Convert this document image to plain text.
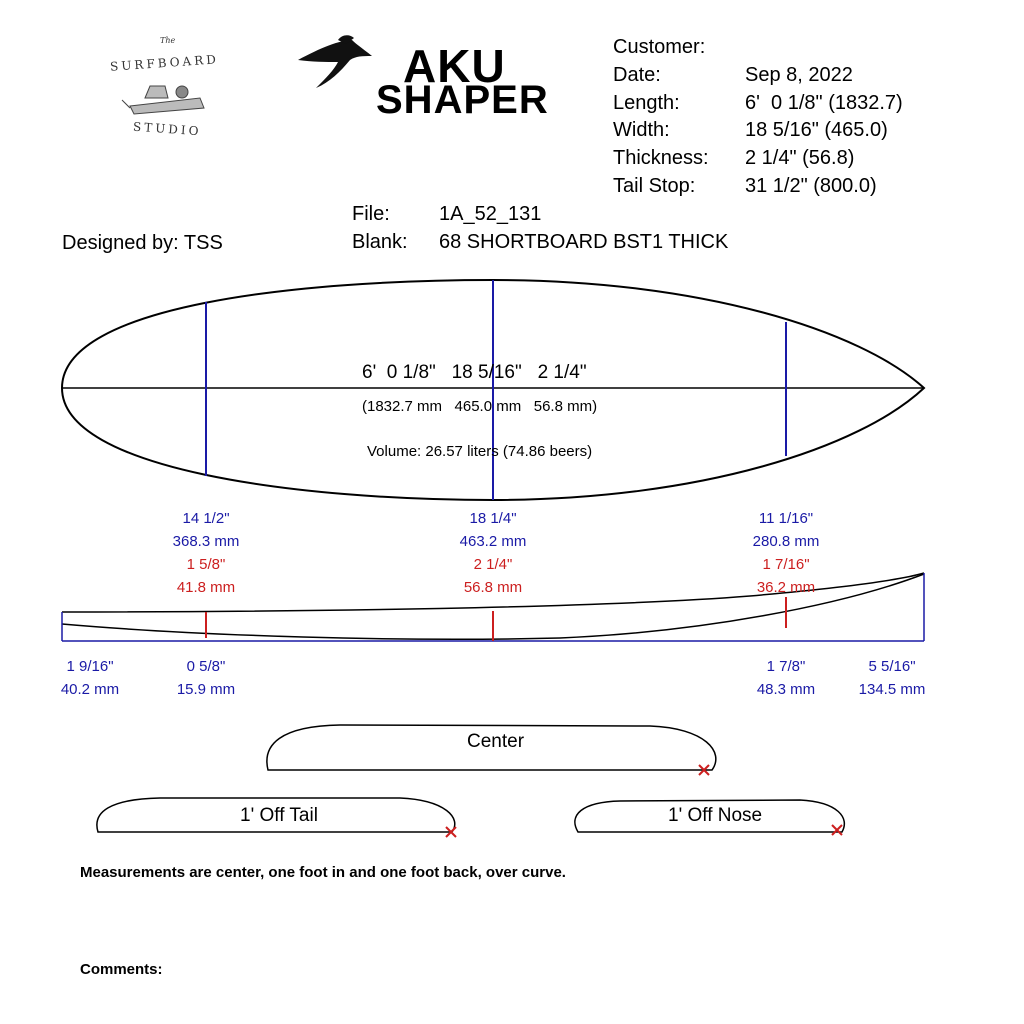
The
SURFBOARD
STUDIO
AKU
SHAPER
Customer:
Date:	Sep 8, 2022
Length:	6'  0 1/8" (1832.7)
Width:	18 5/16" (465.0)
Thickness: 2 1/4" (56.8)
Tail Stop: 31 1/2" (800.0)
File: 1A_52_131
Blank: 68 SHORTBOARD BST1 THICK
Designed by: TSS
6'  0 1/8"   18 5/16"   2 1/4"
(1832.7 mm   465.0 mm   56.8 mm)
Volume: 26.57 liters (74.86 beers)
14 1/2"
368.3 mm
1 5/8"
41.8 mm
18 1/4"
463.2 mm
2 1/4"
56.8 mm
11 1/16"
280.8 mm
1 7/16"
36.2 mm
1 9/16"
40.2 mm
0 5/8"
15.9 mm
1 7/8"
48.3 mm
5 5/16"
134.5 mm
Center
1' Off Tail	1' Off Nose
Measurements are center, one foot in and one foot back, over curve.
Comments:
